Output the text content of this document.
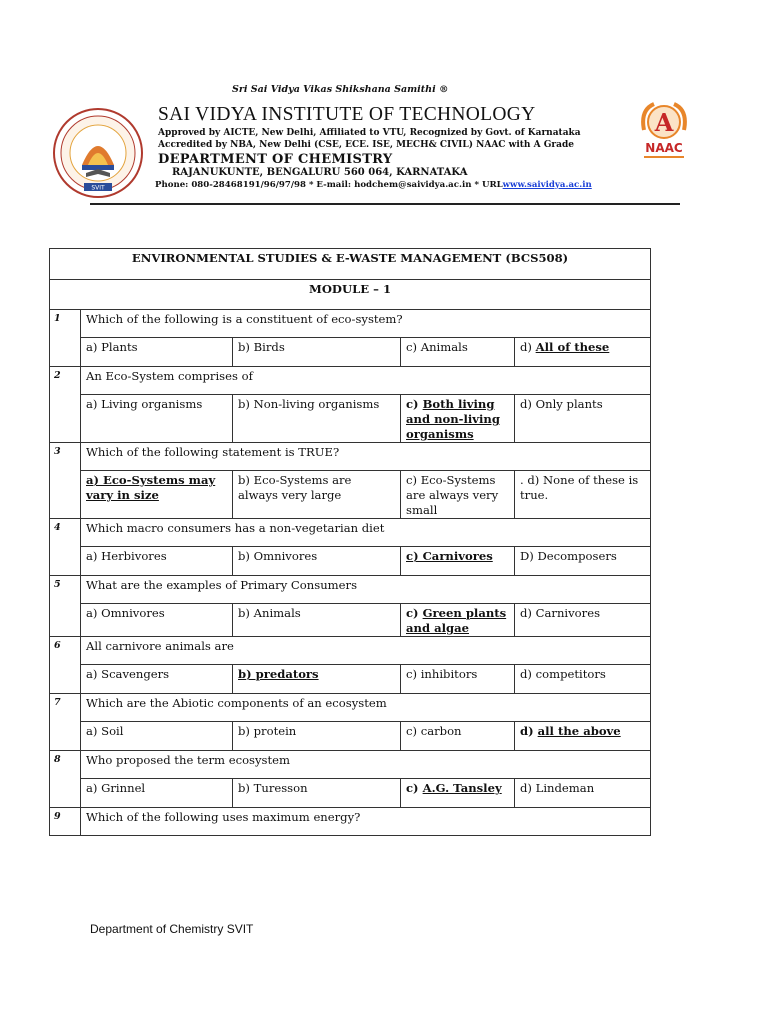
Sri Sai Vidya Vikas Shikshana Samithi ®
SVIT
SAI VIDYA INSTITUTE OF TECHNOLOGY
Approved by AICTE, New Delhi, Affiliated to VTU, Recognized by Govt. of Karnataka
Accredited by NBA, New Delhi (CSE, ECE. ISE, MECH& CIVIL) NAAC with A Grade
DEPARTMENT OF CHEMISTRY
RAJANUKUNTE, BENGALURU 560 064, KARNATAKA
Phone: 080-28468191/96/97/98 * E-mail: hodchem@saividya.ac.in * URLwww.saividya.ac.in
A
NAAC
ENVIRONMENTAL STUDIES & E-WASTE MANAGEMENT (BCS508)				
MODULE – 1				
1	Which of the following is a constituent of eco-system?			
	a) Plants	b) Birds	c) Animals	d) All of these
2	An Eco-System comprises of			
	a) Living organisms	b) Non-living organisms	c) Both living and non-living organisms	d) Only plants
3	Which of the following statement is TRUE?			
	a) Eco-Systems may vary in size	b) Eco-Systems are always very large	c) Eco-Systems are always very small	. d) None of these is true.
4	Which macro consumers has a non-vegetarian diet			
	a) Herbivores	b) Omnivores	c) Carnivores	D) Decomposers
5	What are the examples of Primary Consumers			
	a) Omnivores	b) Animals	c) Green plants and algae	d) Carnivores
6	All carnivore animals are			
	a) Scavengers	b) predators	c) inhibitors	d) competitors
7	Which are the Abiotic components of an ecosystem			
	a) Soil	b) protein	c) carbon	d) all the above
8	Who proposed the term ecosystem			
	a) Grinnel	b) Turesson	c) A.G. Tansley	d) Lindeman
9	Which of the following uses maximum energy?			
Department of Chemistry SVIT
